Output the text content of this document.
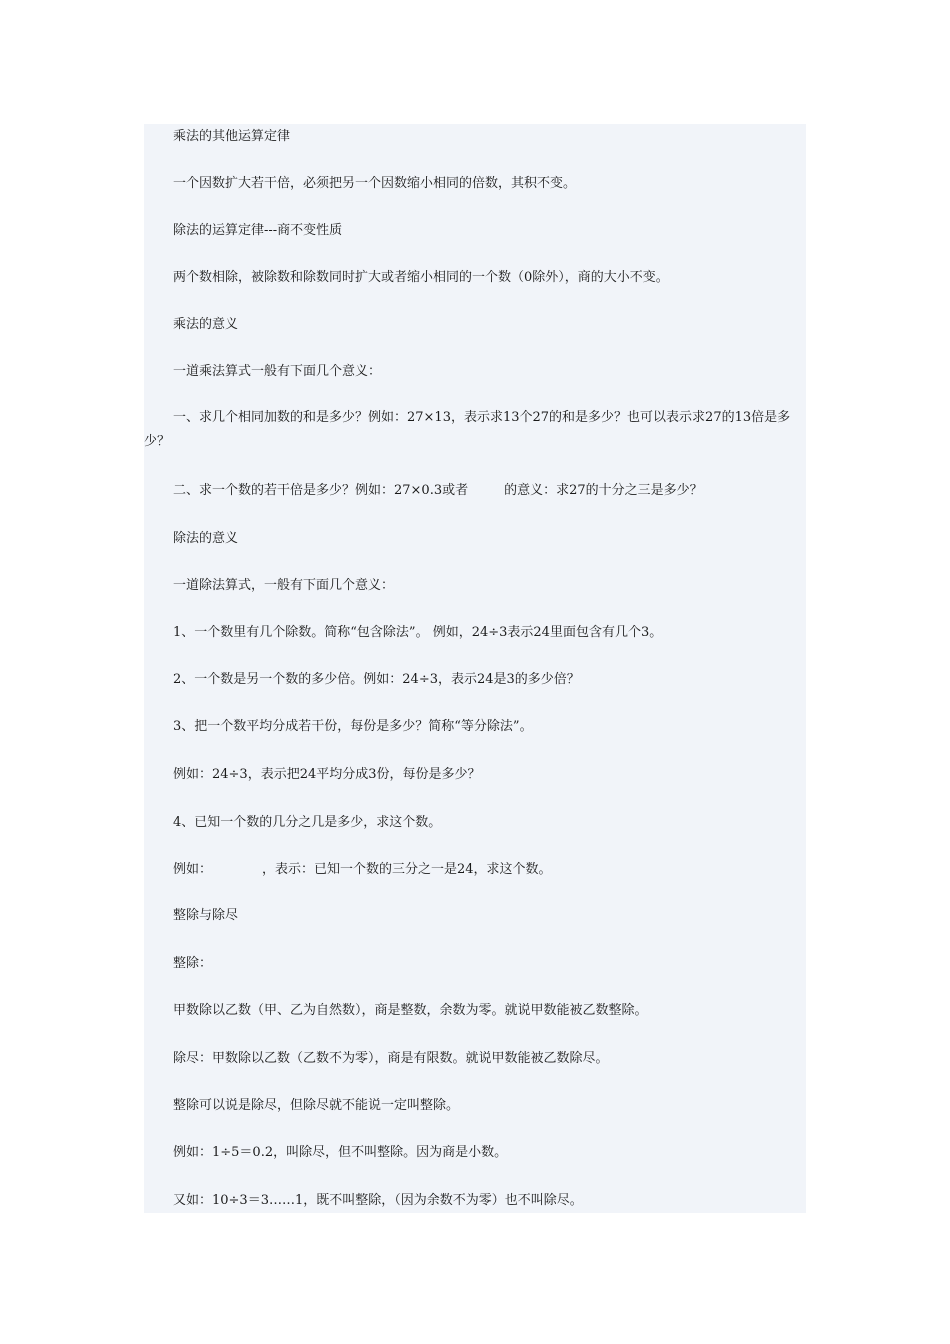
乘法的其他运算定律
一个因数扩大若干倍，必须把另一个因数缩小相同的倍数，其积不变。
除法的运算定律---商不变性质
两个数相除，被除数和除数同时扩大或者缩小相同的一个数（0除外），商的大小不变。
乘法的意义
一道乘法算式一般有下面几个意义：
一、求几个相同加数的和是多少？例如：27×13，表示求13个27的和是多少？也可以表示求27的13倍是多少？
二、求一个数的若干倍是多少？例如：27×0.3或者	的意义：求27的十分之三是多少？
除法的意义
一道除法算式，一般有下面几个意义：
1、一个数里有几个除数。简称“包含除法”。 例如，24÷3表示24里面包含有几个3。
2、一个数是另一个数的多少倍。例如：24÷3，表示24是3的多少倍？
3、把一个数平均分成若干份，每份是多少？简称“等分除法”。
例如：24÷3，表示把24平均分成3份，每份是多少？
4、已知一个数的几分之几是多少，求这个数。
例如：	，表示：已知一个数的三分之一是24，求这个数。
整除与除尽
整除：
甲数除以乙数（甲、乙为自然数），商是整数，余数为零。就说甲数能被乙数整除。
除尽：甲数除以乙数（乙数不为零），商是有限数。就说甲数能被乙数除尽。
整除可以说是除尽，但除尽就不能说一定叫整除。
例如：1÷5＝0.2，叫除尽，但不叫整除。因为商是小数。
又如：10÷3＝3……1，既不叫整除，（因为余数不为零）也不叫除尽。
